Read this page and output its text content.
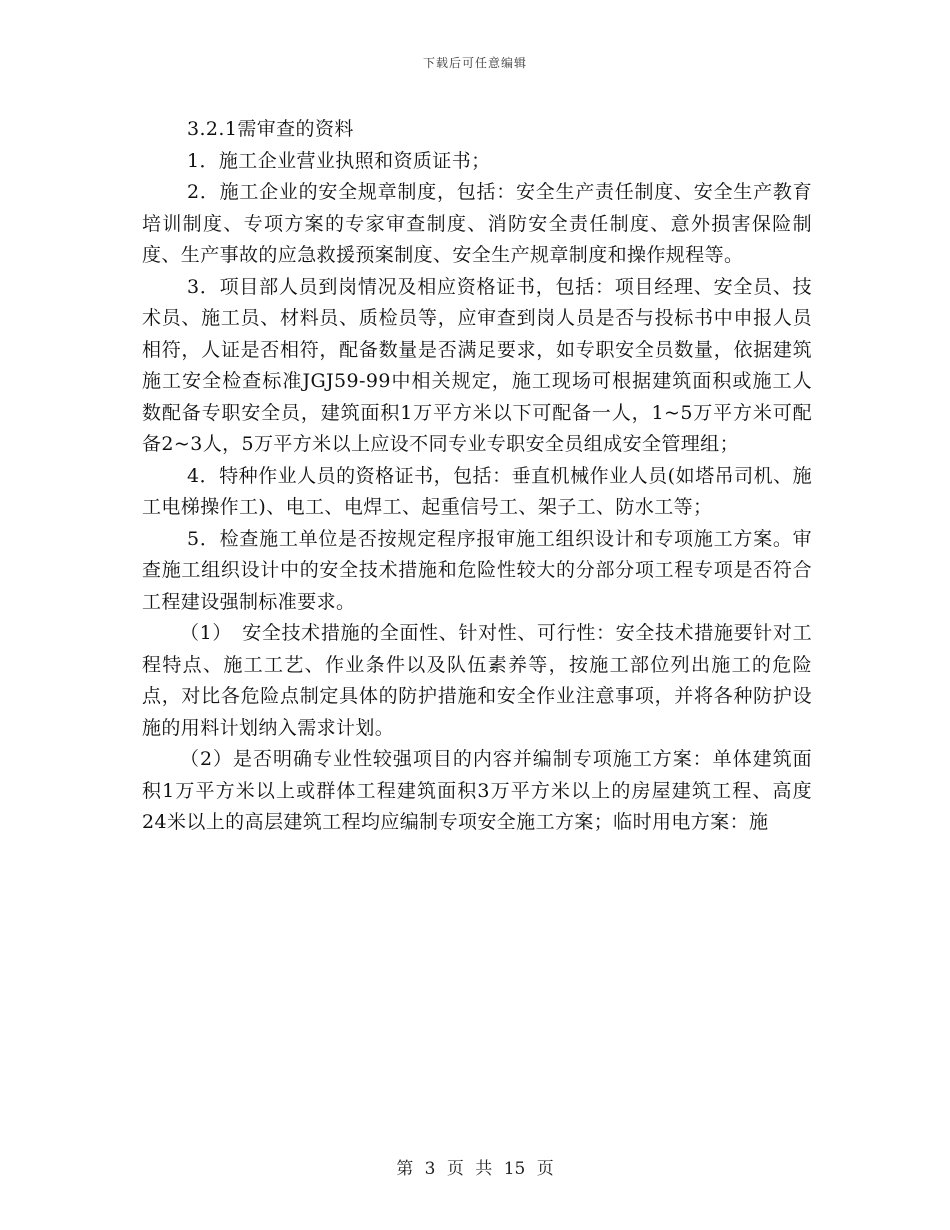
下载后可任意编辑

3.2.1需审查的资料

1．施工企业营业执照和资质证书；

2．施工企业的安全规章制度，包括：安全生产责任制度、安全生产教育培训制度、专项方案的专家审查制度、消防安全责任制度、意外损害保险制度、生产事故的应急救援预案制度、安全生产规章制度和操作规程等。

3．项目部人员到岗情况及相应资格证书，包括：项目经理、安全员、技术员、施工员、材料员、质检员等，应审查到岗人员是否与投标书中申报人员相符，人证是否相符，配备数量是否满足要求，如专职安全员数量，依据建筑施工安全检查标准JGJ59-99中相关规定，施工现场可根据建筑面积或施工人数配备专职安全员，建筑面积1万平方米以下可配备一人，1~5万平方米可配备2~3人，5万平方米以上应设不同专业专职安全员组成安全管理组；

4．特种作业人员的资格证书，包括：垂直机械作业人员(如塔吊司机、施工电梯操作工)、电工、电焊工、起重信号工、架子工、防水工等；

5．检查施工单位是否按规定程序报审施工组织设计和专项施工方案。审查施工组织设计中的安全技术措施和危险性较大的分部分项工程专项是否符合工程建设强制标准要求。

（1）　安全技术措施的全面性、针对性、可行性：安全技术措施要针对工程特点、施工工艺、作业条件以及队伍素养等，按施工部位列出施工的危险点，对比各危险点制定具体的防护措施和安全作业注意事项，并将各种防护设施的用料计划纳入需求计划。

（2）是否明确专业性较强项目的内容并编制专项施工方案：单体建筑面积1万平方米以上或群体工程建筑面积3万平方米以上的房屋建筑工程、高度24米以上的高层建筑工程均应编制专项安全施工方案；临时用电方案：施

第 3 页 共 15 页
